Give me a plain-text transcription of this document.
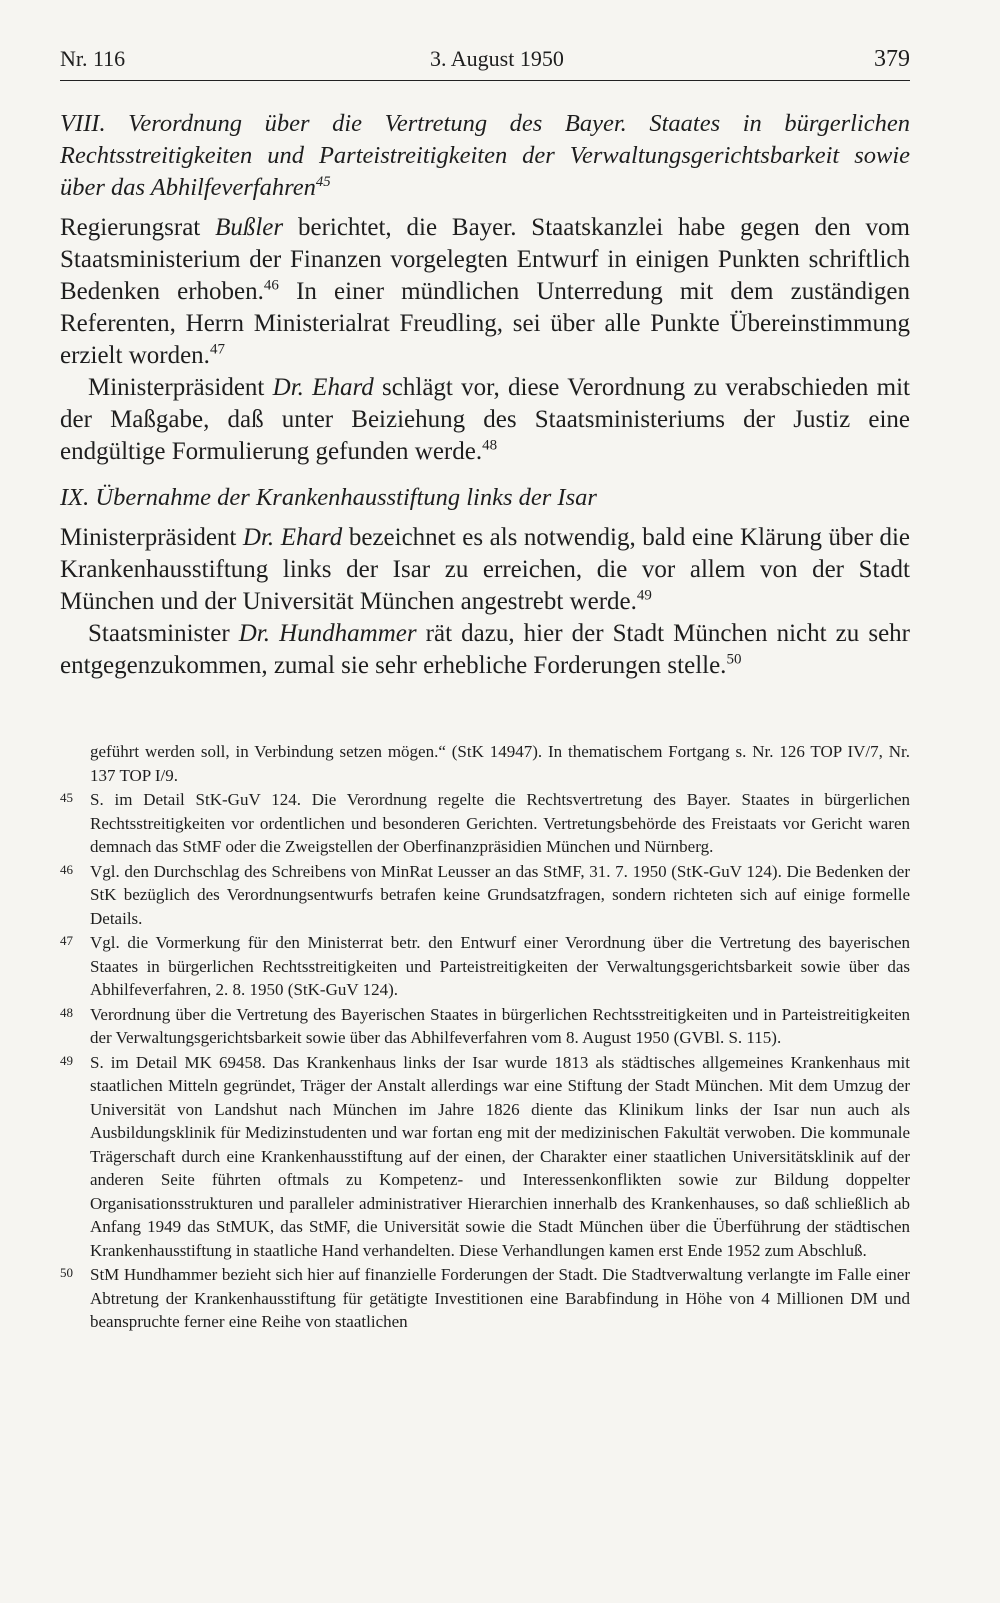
Nr. 116	3. August 1950	379

VIII. Verordnung über die Vertretung des Bayer. Staates in bürgerlichen Rechtsstreitigkeiten und Parteistreitigkeiten der Verwaltungsgerichtsbarkeit sowie über das Abhilfeverfahren$^{45}$

Regierungsrat Bußler berichtet, die Bayer. Staatskanzlei habe gegen den vom Staatsministerium der Finanzen vorgelegten Entwurf in einigen Punkten schriftlich Bedenken erhoben.$^{46}$ In einer mündlichen Unterredung mit dem zuständigen Referenten, Herrn Ministerialrat Freudling, sei über alle Punkte Übereinstimmung erzielt worden.$^{47}$

Ministerpräsident Dr. Ehard schlägt vor, diese Verordnung zu verabschieden mit der Maßgabe, daß unter Beiziehung des Staatsministeriums der Justiz eine endgültige Formulierung gefunden werde.$^{48}$

IX. Übernahme der Krankenhausstiftung links der Isar

Ministerpräsident Dr. Ehard bezeichnet es als notwendig, bald eine Klärung über die Krankenhausstiftung links der Isar zu erreichen, die vor allem von der Stadt München und der Universität München angestrebt werde.$^{49}$

Staatsminister Dr. Hundhammer rät dazu, hier der Stadt München nicht zu sehr entgegenzukommen, zumal sie sehr erhebliche Forderungen stelle.$^{50}$

geführt werden soll, in Verbindung setzen mögen.“ (StK 14947). In thematischem Fortgang s. Nr. 126 TOP IV/7, Nr. 137 TOP I/9.

45 S. im Detail StK-GuV 124. Die Verordnung regelte die Rechtsvertretung des Bayer. Staates in bürgerlichen Rechtsstreitigkeiten vor ordentlichen und besonderen Gerichten. Vertretungsbehörde des Freistaats vor Gericht waren demnach das StMF oder die Zweigstellen der Oberfinanzpräsidien München und Nürnberg.

46 Vgl. den Durchschlag des Schreibens von MinRat Leusser an das StMF, 31. 7. 1950 (StK-GuV 124). Die Bedenken der StK bezüglich des Verordnungsentwurfs betrafen keine Grundsatzfragen, sondern richteten sich auf einige formelle Details.

47 Vgl. die Vormerkung für den Ministerrat betr. den Entwurf einer Verordnung über die Vertretung des bayerischen Staates in bürgerlichen Rechtsstreitigkeiten und Parteistreitigkeiten der Verwaltungsgerichtsbarkeit sowie über das Abhilfeverfahren, 2. 8. 1950 (StK-GuV 124).

48 Verordnung über die Vertretung des Bayerischen Staates in bürgerlichen Rechtsstreitigkeiten und in Parteistreitigkeiten der Verwaltungsgerichtsbarkeit sowie über das Abhilfeverfahren vom 8. August 1950 (GVBl. S. 115).

49 S. im Detail MK 69458. Das Krankenhaus links der Isar wurde 1813 als städtisches allgemeines Krankenhaus mit staatlichen Mitteln gegründet, Träger der Anstalt allerdings war eine Stiftung der Stadt München. Mit dem Umzug der Universität von Landshut nach München im Jahre 1826 diente das Klinikum links der Isar nun auch als Ausbildungsklinik für Medizinstudenten und war fortan eng mit der medizinischen Fakultät verwoben. Die kommunale Trägerschaft durch eine Krankenhausstiftung auf der einen, der Charakter einer staatlichen Universitätsklinik auf der anderen Seite führten oftmals zu Kompetenz- und Interessenkonflikten sowie zur Bildung doppelter Organisationsstrukturen und paralleler administrativer Hierarchien innerhalb des Krankenhauses, so daß schließlich ab Anfang 1949 das StMUK, das StMF, die Universität sowie die Stadt München über die Überführung der städtischen Krankenhausstiftung in staatliche Hand verhandelten. Diese Verhandlungen kamen erst Ende 1952 zum Abschluß.

50 StM Hundhammer bezieht sich hier auf finanzielle Forderungen der Stadt. Die Stadtverwaltung verlangte im Falle einer Abtretung der Krankenhausstiftung für getätigte Investitionen eine Barabfindung in Höhe von 4 Millionen DM und beanspruchte ferner eine Reihe von staatlichen
